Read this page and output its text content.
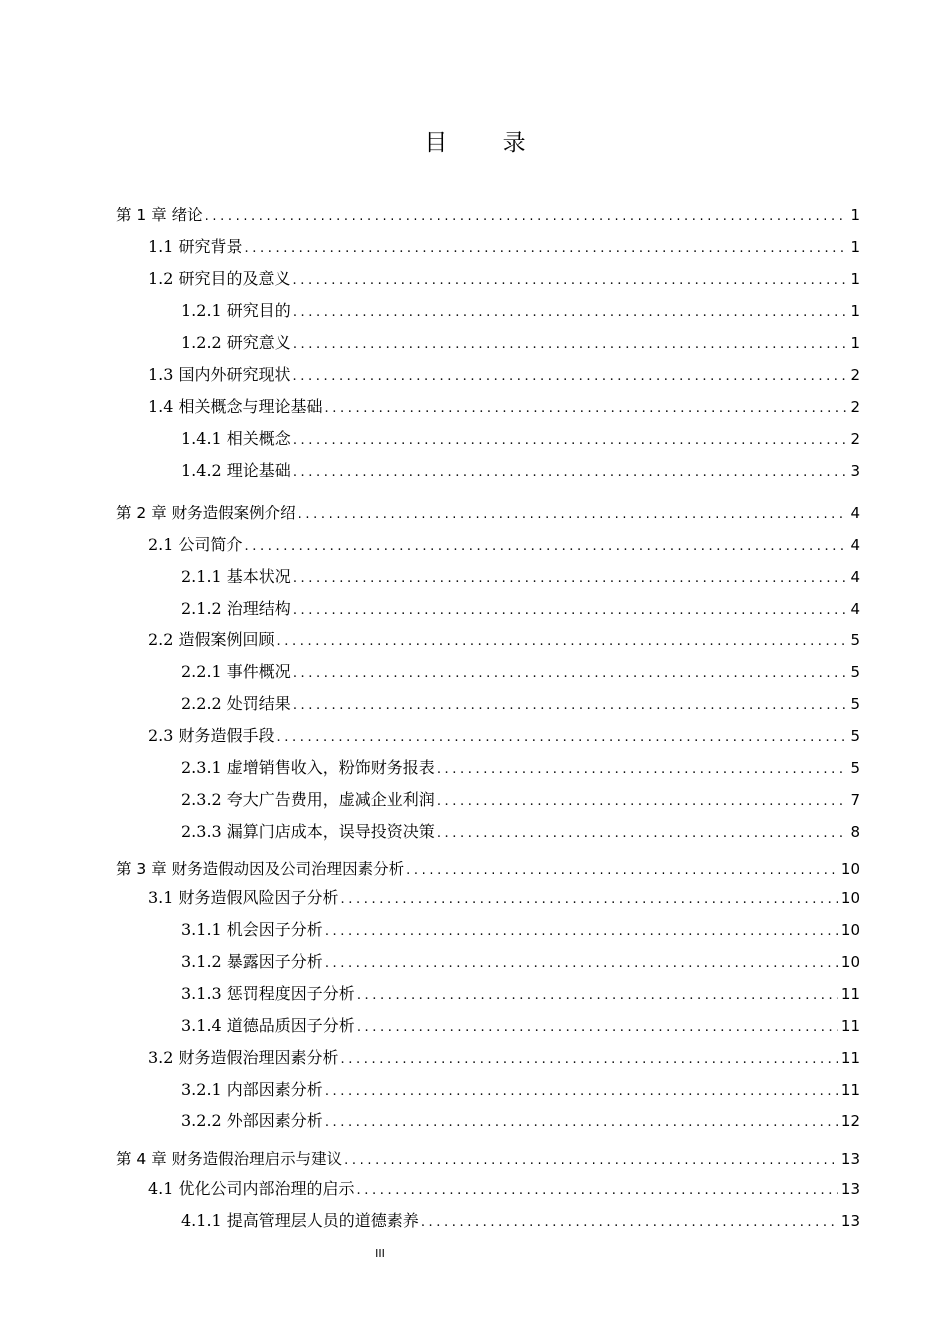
目 录
第 1 章 绪论 .....	1
1.1 研究背景 .....	1
1.2 研究目的及意义 .....	1
1.2.1 研究目的 .....	1
1.2.2 研究意义 .....	1
1.3 国内外研究现状 .....	2
1.4 相关概念与理论基础 .....	2
1.4.1 相关概念 .....	2
1.4.2 理论基础 .....	3
第 2 章 财务造假案例介绍 .....	4
2.1 公司简介 .....	4
2.1.1 基本状况 .....	4
2.1.2 治理结构 .....	4
2.2 造假案例回顾 .....	5
2.2.1 事件概况 .....	5
2.2.2 处罚结果 .....	5
2.3 财务造假手段 .....	5
2.3.1 虚增销售收入，粉饰财务报表 .....	5
2.3.2 夸大广告费用，虚减企业利润 .....	7
2.3.3 漏算门店成本，误导投资决策 .....	8
第 3 章 财务造假动因及公司治理因素分析 .....	10
3.1 财务造假风险因子分析 .....	10
3.1.1 机会因子分析 .....	10
3.1.2 暴露因子分析 .....	10
3.1.3 惩罚程度因子分析 .....	11
3.1.4 道德品质因子分析 .....	11
3.2 财务造假治理因素分析 .....	11
3.2.1 内部因素分析 .....	11
3.2.2 外部因素分析 .....	12
第 4 章 财务造假治理启示与建议 .....	13
4.1 优化公司内部治理的启示 .....	13
4.1.1 提高管理层人员的道德素养 .....	13
III
